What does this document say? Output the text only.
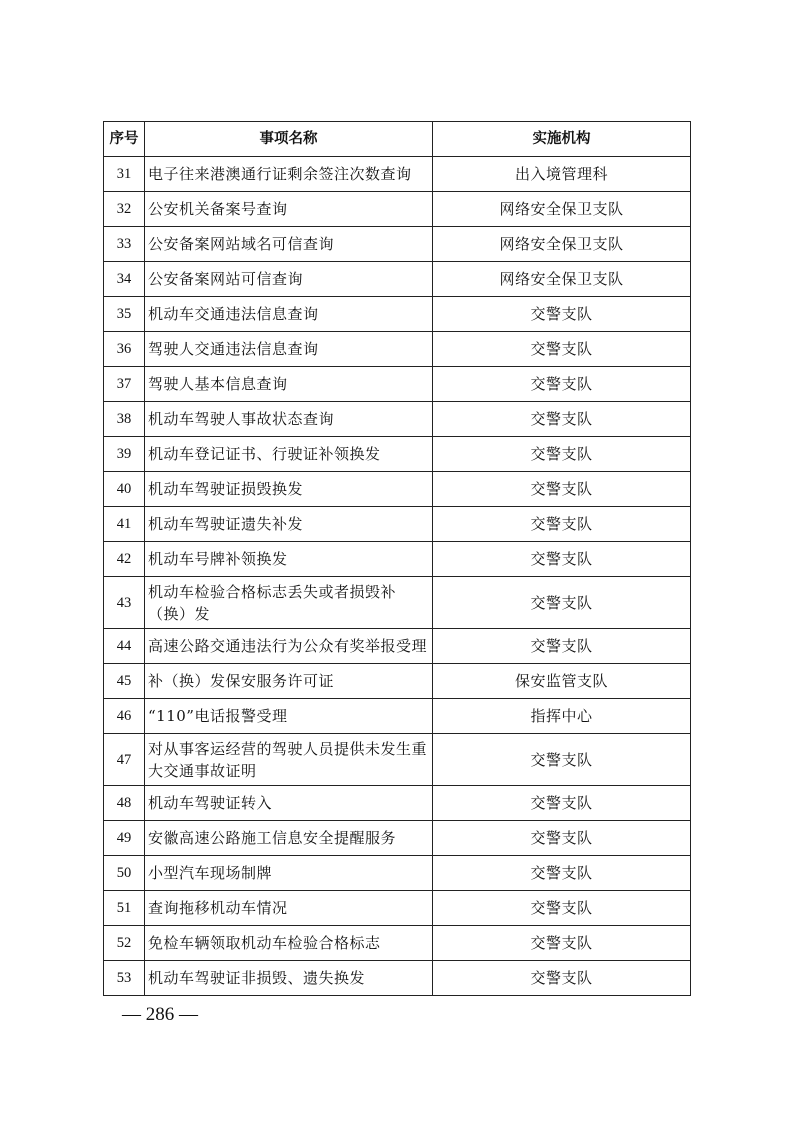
序号	事项名称	实施机构
31	电子往来港澳通行证剩余签注次数查询	出入境管理科
32	公安机关备案号查询	网络安全保卫支队
33	公安备案网站域名可信查询	网络安全保卫支队
34	公安备案网站可信查询	网络安全保卫支队
35	机动车交通违法信息查询	交警支队
36	驾驶人交通违法信息查询	交警支队
37	驾驶人基本信息查询	交警支队
38	机动车驾驶人事故状态查询	交警支队
39	机动车登记证书、行驶证补领换发	交警支队
40	机动车驾驶证损毁换发	交警支队
41	机动车驾驶证遗失补发	交警支队
42	机动车号牌补领换发	交警支队
43	机动车检验合格标志丢失或者损毁补（换）发	交警支队
44	高速公路交通违法行为公众有奖举报受理	交警支队
45	补（换）发保安服务许可证	保安监管支队
46	“110”电话报警受理	指挥中心
47	对从事客运经营的驾驶人员提供未发生重大交通事故证明	交警支队
48	机动车驾驶证转入	交警支队
49	安徽高速公路施工信息安全提醒服务	交警支队
50	小型汽车现场制牌	交警支队
51	查询拖移机动车情况	交警支队
52	免检车辆领取机动车检验合格标志	交警支队
53	机动车驾驶证非损毁、遗失换发	交警支队
— 286 —
